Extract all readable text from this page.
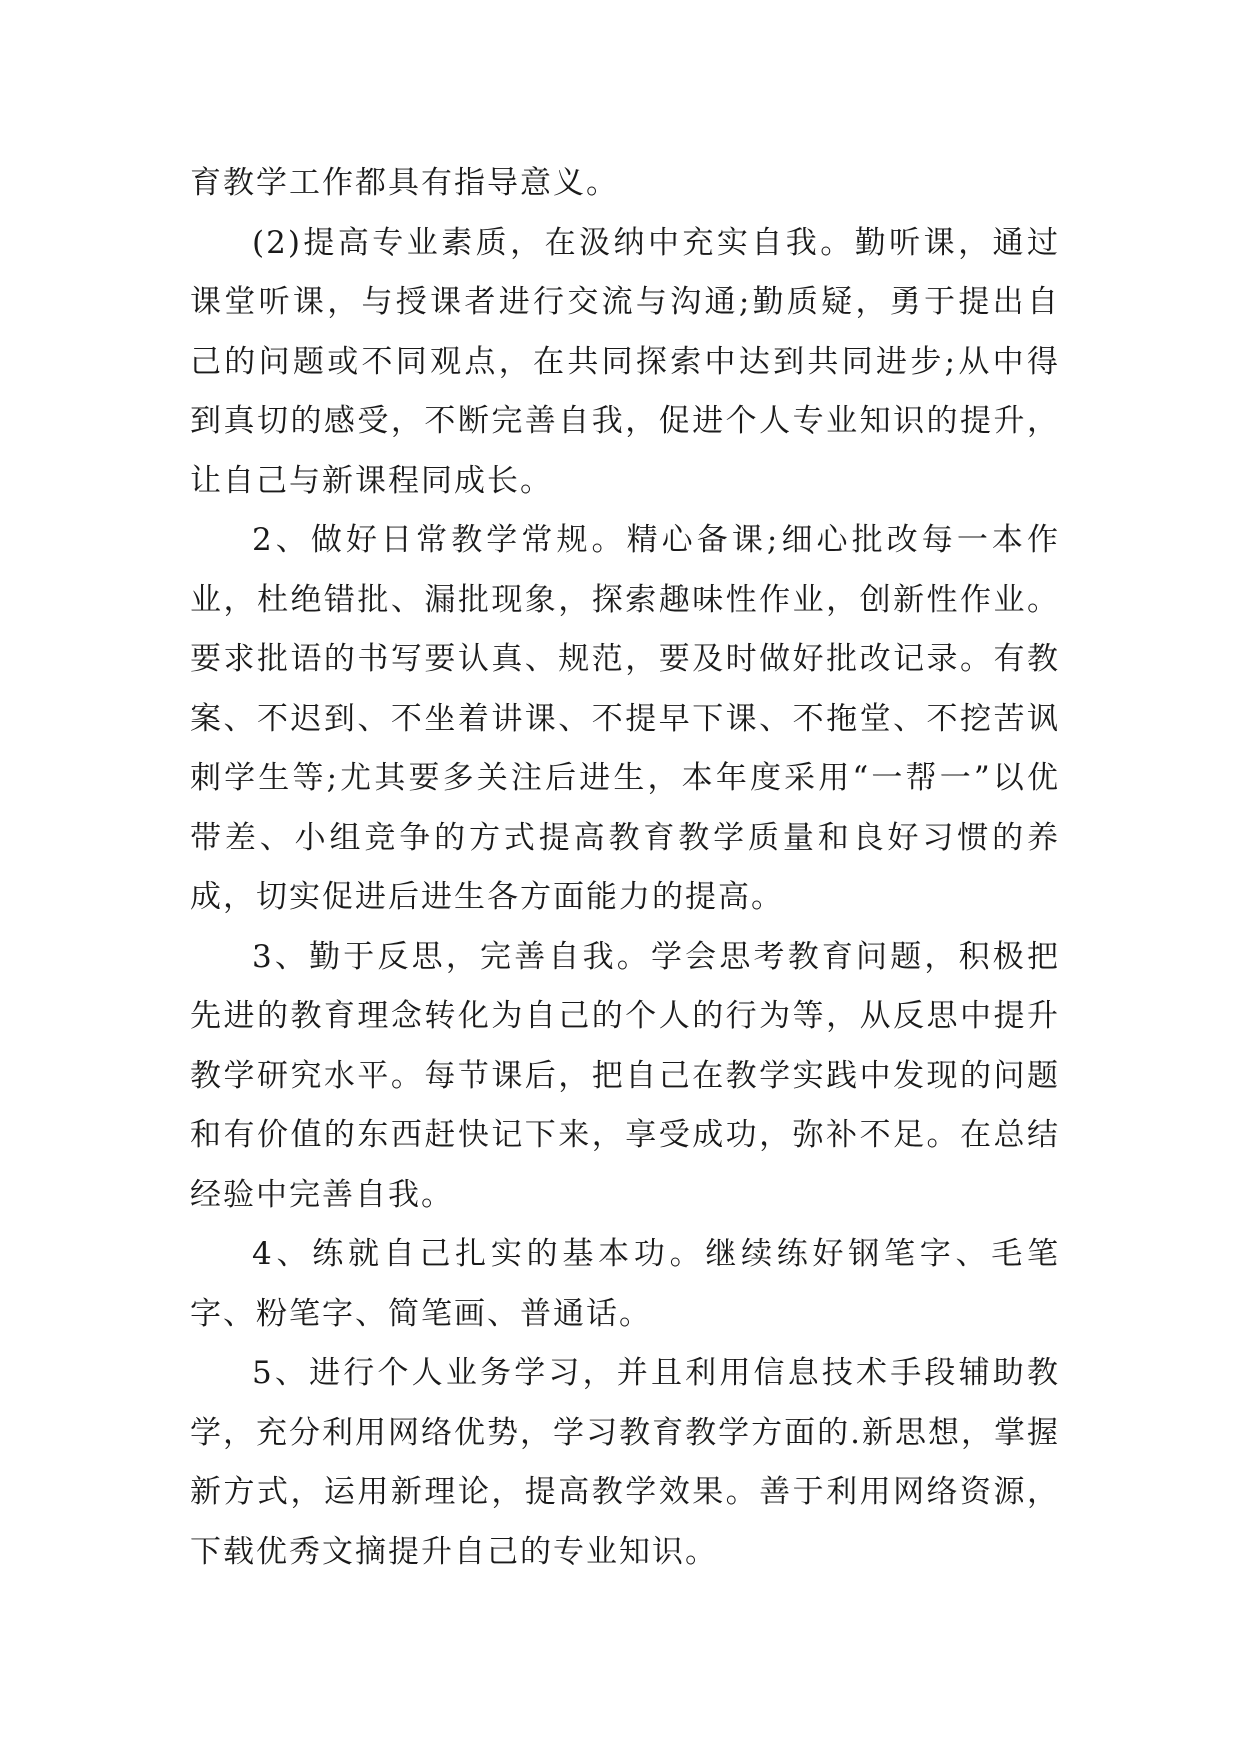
育教学工作都具有指导意义。

(2)提高专业素质，在汲纳中充实自我。勤听课，通过课堂听课，与授课者进行交流与沟通;勤质疑，勇于提出自己的问题或不同观点，在共同探索中达到共同进步;从中得到真切的感受，不断完善自我，促进个人专业知识的提升，让自己与新课程同成长。

2、做好日常教学常规。精心备课;细心批改每一本作业，杜绝错批、漏批现象，探索趣味性作业，创新性作业。要求批语的书写要认真、规范，要及时做好批改记录。有教案、不迟到、不坐着讲课、不提早下课、不拖堂、不挖苦讽刺学生等;尤其要多关注后进生，本年度采用“一帮一”以优带差、小组竞争的方式提高教育教学质量和良好习惯的养成，切实促进后进生各方面能力的提高。

3、勤于反思，完善自我。学会思考教育问题，积极把先进的教育理念转化为自己的个人的行为等，从反思中提升教学研究水平。每节课后，把自己在教学实践中发现的问题和有价值的东西赶快记下来，享受成功，弥补不足。在总结经验中完善自我。

4、练就自己扎实的基本功。继续练好钢笔字、毛笔字、粉笔字、简笔画、普通话。

5、进行个人业务学习，并且利用信息技术手段辅助教学，充分利用网络优势，学习教育教学方面的.新思想，掌握新方式，运用新理论，提高教学效果。善于利用网络资源，下载优秀文摘提升自己的专业知识。
